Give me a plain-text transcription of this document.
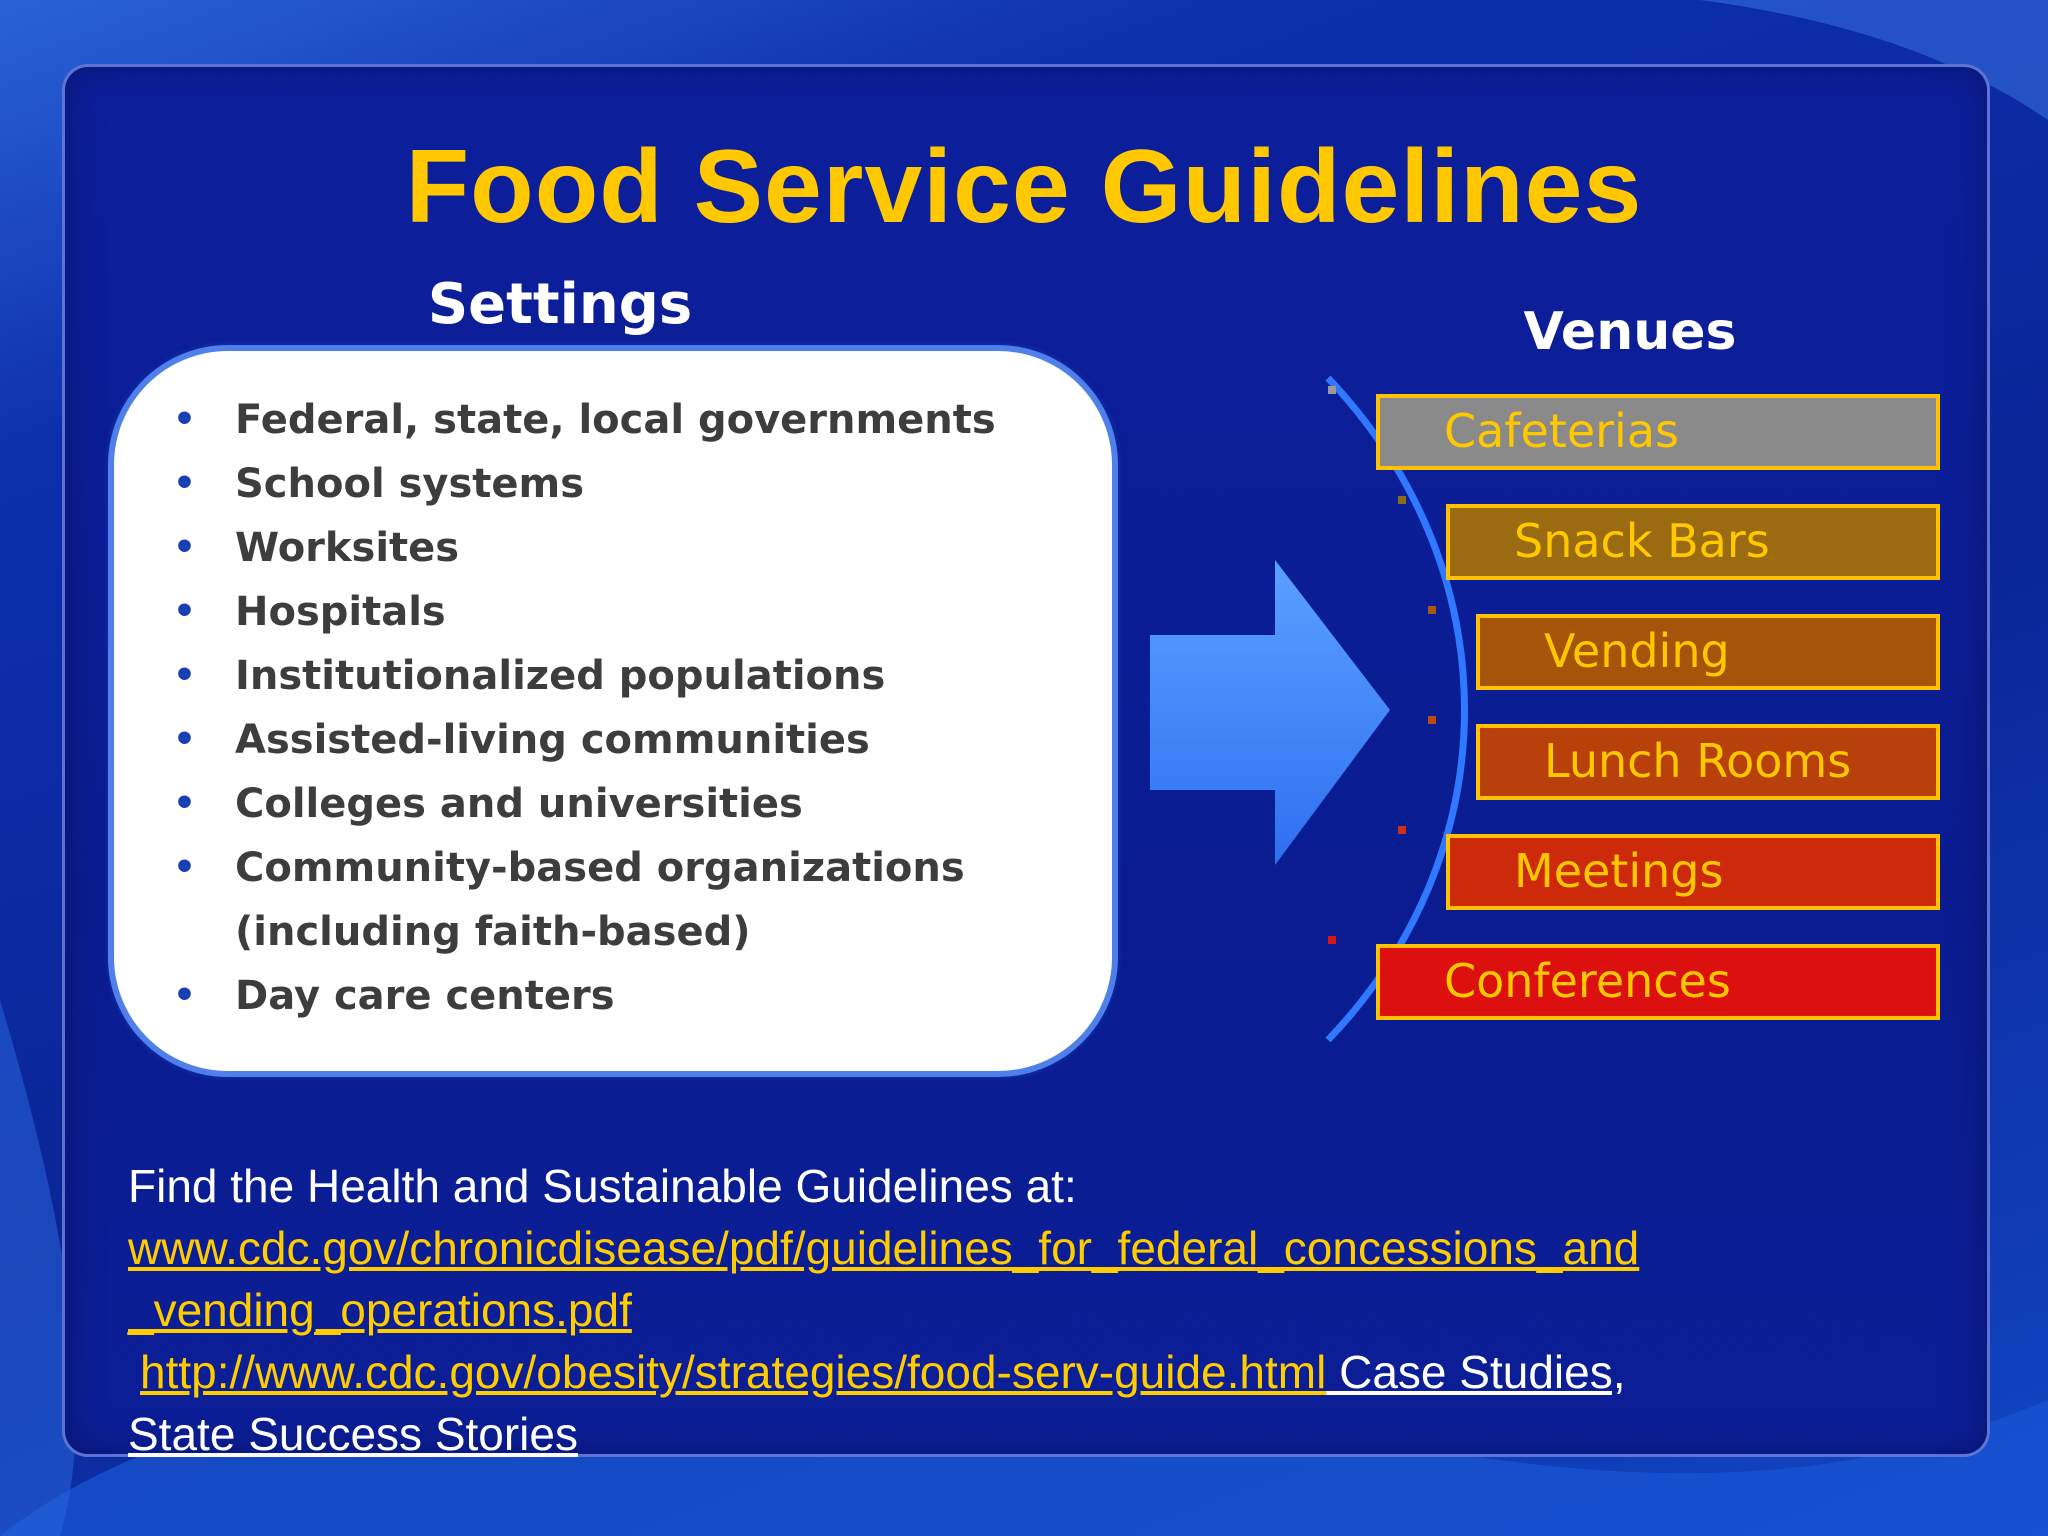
Food Service Guidelines
Settings
• Federal, state, local governments
• School systems
• Worksites
• Hospitals
• Institutionalized populations
• Assisted-living communities
• Colleges and universities
• Community-based organizations
(including faith-based)
• Day care centers
Venues
Cafeterias
Snack Bars
Vending
Lunch Rooms
Meetings
Conferences
Find the Health and Sustainable Guidelines at:
www.cdc.gov/chronicdisease/pdf/guidelines_for_federal_concessions_and
_vending_operations.pdf
http://www.cdc.gov/obesity/strategies/food-serv-guide.html Case Studies,
State Success Stories
